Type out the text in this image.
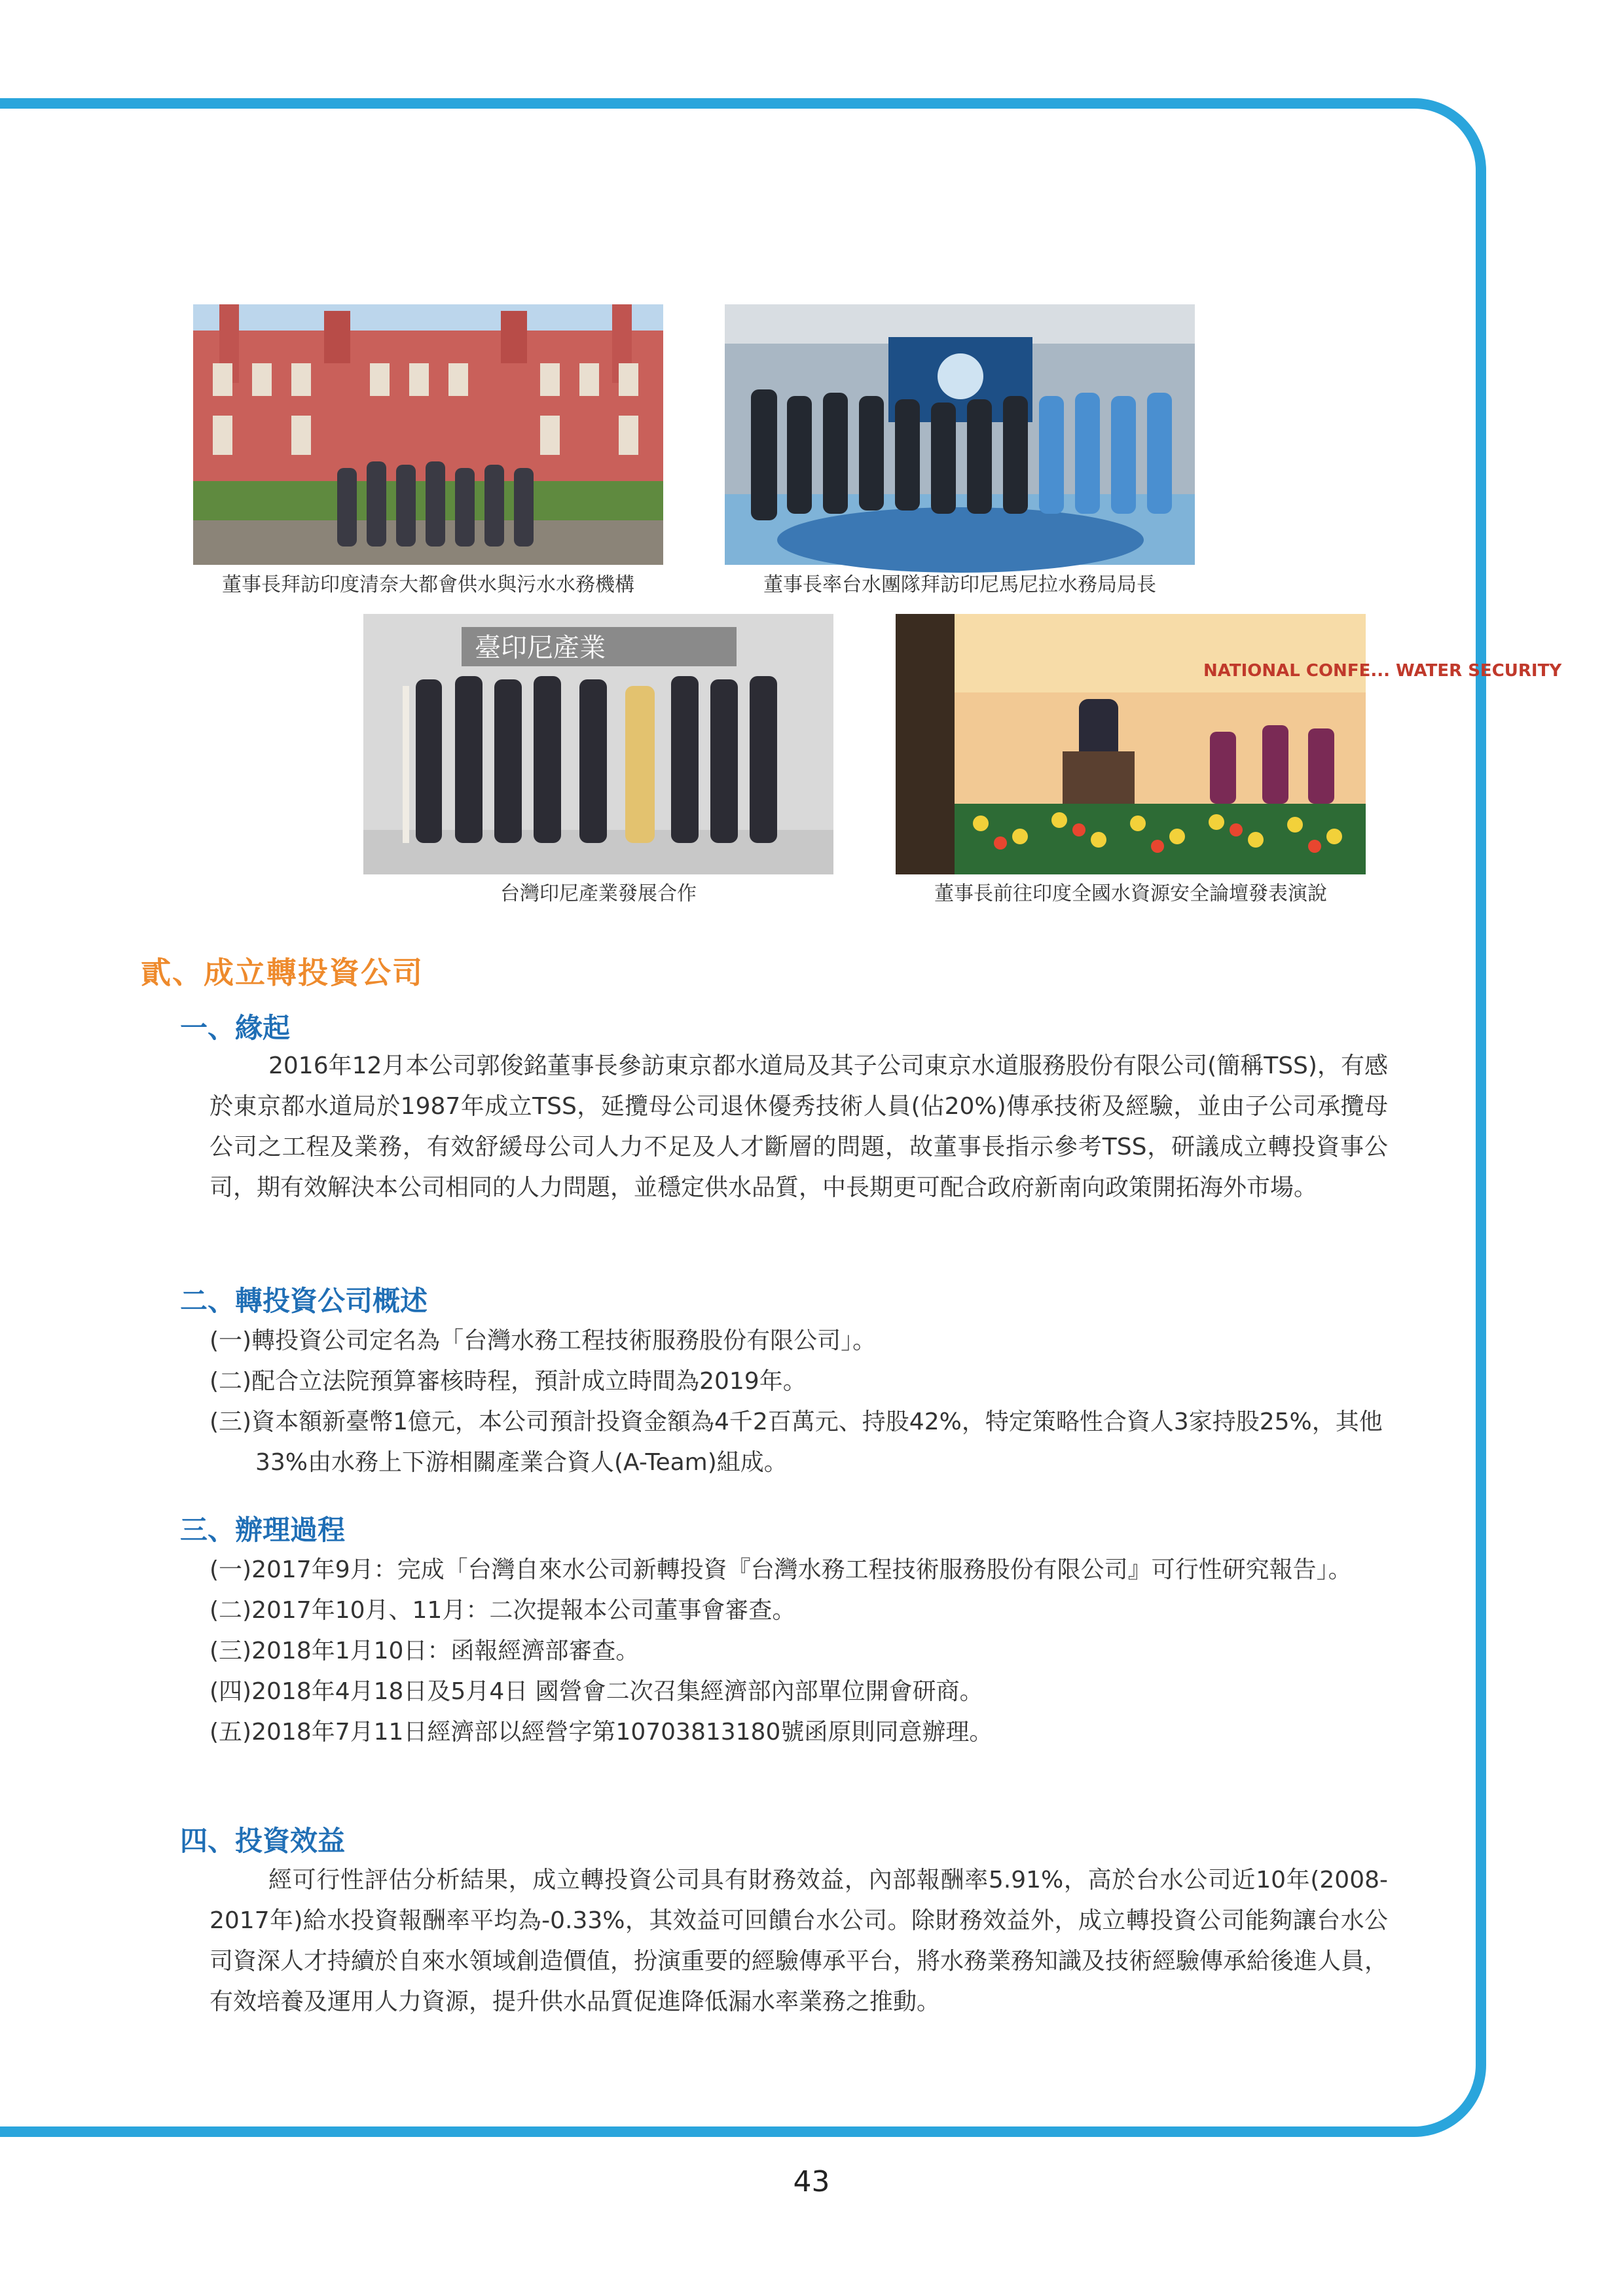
董事長拜訪印度清奈大都會供水與污水水務機構	董事長率台水團隊拜訪印尼馬尼拉水務局局長
臺印尼產業
台灣印尼產業發展合作
NATIONAL CONFE... WATER SECURITY
董事長前往印度全國水資源安全論壇發表演說
貳、成立轉投資公司
一、緣起

2016年12月本公司郭俊銘董事長參訪東京都水道局及其子公司東京水道服務股份有限公司(簡稱TSS)，有感於東京都水道局於1987年成立TSS，延攬母公司退休優秀技術人員(佔20%)傳承技術及經驗，並由子公司承攬母公司之工程及業務，有效舒緩母公司人力不足及人才斷層的問題，故董事長指示參考TSS，研議成立轉投資事公司，期有效解決本公司相同的人力問題，並穩定供水品質，中長期更可配合政府新南向政策開拓海外市場。

二、轉投資公司概述
(一)轉投資公司定名為「台灣水務工程技術服務股份有限公司」。
(二)配合立法院預算審核時程，預計成立時間為2019年。
(三)資本額新臺幣1億元，本公司預計投資金額為4千2百萬元、持股42%，特定策略性合資人3家持股25%，其他33%由水務上下游相關產業合資人(A-Team)組成。
三、辦理過程
(一)2017年9月：完成「台灣自來水公司新轉投資『台灣水務工程技術服務股份有限公司』可行性研究報告」。
(二)2017年10月、11月：二次提報本公司董事會審查。
(三)2018年1月10日：函報經濟部審查。
(四)2018年4月18日及5月4日 國營會二次召集經濟部內部單位開會研商。
(五)2018年7月11日經濟部以經營字第10703813180號函原則同意辦理。
四、投資效益

經可行性評估分析結果，成立轉投資公司具有財務效益，內部報酬率5.91%，高於台水公司近10年(2008-2017年)給水投資報酬率平均為-0.33%，其效益可回饋台水公司。除財務效益外，成立轉投資公司能夠讓台水公司資深人才持續於自來水領域創造價值，扮演重要的經驗傳承平台，將水務業務知識及技術經驗傳承給後進人員，有效培養及運用人力資源，提升供水品質促進降低漏水率業務之推動。

43
